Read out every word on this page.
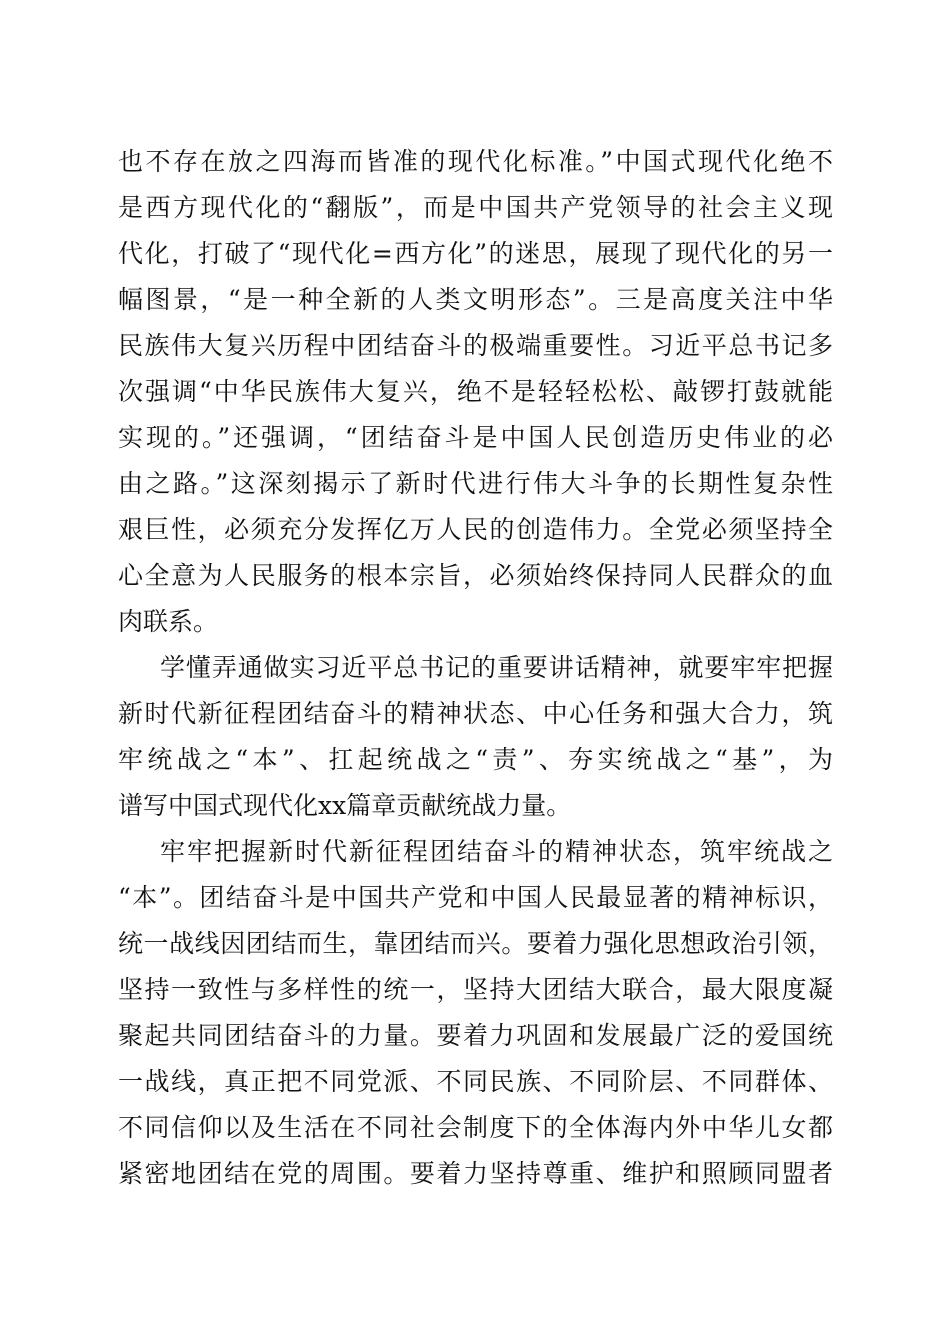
也不存在放之四海而皆准的现代化标准。”中国式现代化绝不
是西方现代化的“翻版”，而是中国共产党领导的社会主义现
代化，打破了“现代化=西方化”的迷思，展现了现代化的另一
幅图景，“是一种全新的人类文明形态”。三是高度关注中华
民族伟大复兴历程中团结奋斗的极端重要性。习近平总书记多
次强调“中华民族伟大复兴，绝不是轻轻松松、敲锣打鼓就能
实现的。”还强调，“团结奋斗是中国人民创造历史伟业的必
由之路。”这深刻揭示了新时代进行伟大斗争的长期性复杂性
艰巨性，必须充分发挥亿万人民的创造伟力。全党必须坚持全
心全意为人民服务的根本宗旨，必须始终保持同人民群众的血
肉联系。
学懂弄通做实习近平总书记的重要讲话精神，就要牢牢把握
新时代新征程团结奋斗的精神状态、中心任务和强大合力，筑
牢统战之“本”、扛起统战之“责”、夯实统战之“基”，为
谱写中国式现代化xx篇章贡献统战力量。
牢牢把握新时代新征程团结奋斗的精神状态，筑牢统战之
“本”。团结奋斗是中国共产党和中国人民最显著的精神标识，
统一战线因团结而生，靠团结而兴。要着力强化思想政治引领，
坚持一致性与多样性的统一，坚持大团结大联合，最大限度凝
聚起共同团结奋斗的力量。要着力巩固和发展最广泛的爱国统
一战线，真正把不同党派、不同民族、不同阶层、不同群体、
不同信仰以及生活在不同社会制度下的全体海内外中华儿女都
紧密地团结在党的周围。要着力坚持尊重、维护和照顾同盟者
